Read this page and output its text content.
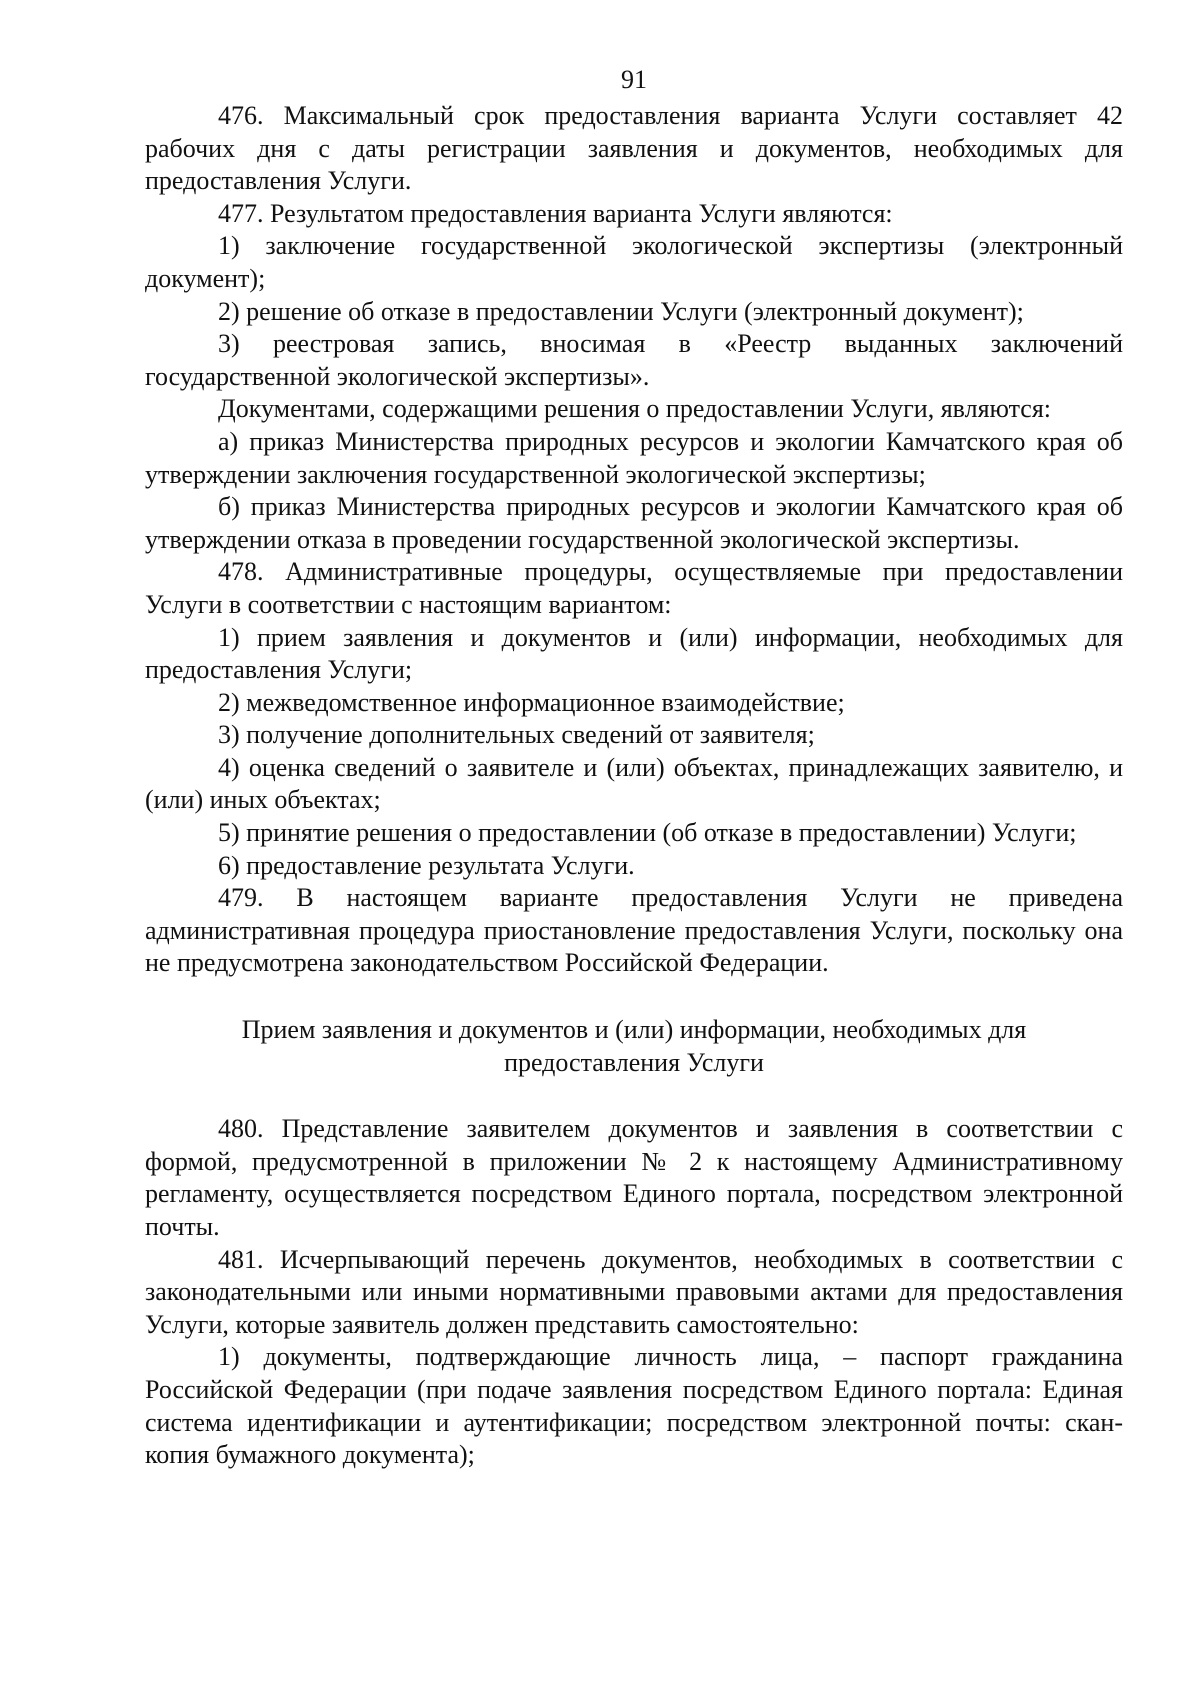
91

476. Максимальный срок предоставления варианта Услуги составляет 42 рабочих дня с даты регистрации заявления и документов, необходимых для предоставления Услуги.

477. Результатом предоставления варианта Услуги являются:

1) заключение государственной экологической экспертизы (электронный документ);

2) решение об отказе в предоставлении Услуги (электронный документ);

3) реестровая запись, вносимая в «Реестр выданных заключений государственной экологической экспертизы».

Документами, содержащими решения о предоставлении Услуги, являются:

а) приказ Министерства природных ресурсов и экологии Камчатского края об утверждении заключения государственной экологической экспертизы;

б) приказ Министерства природных ресурсов и экологии Камчатского края об утверждении отказа в проведении государственной экологической экспертизы.

478. Административные процедуры, осуществляемые при предоставлении Услуги в соответствии с настоящим вариантом:

1) прием заявления и документов и (или) информации, необходимых для предоставления Услуги;

2) межведомственное информационное взаимодействие;

3) получение дополнительных сведений от заявителя;

4) оценка сведений о заявителе и (или) объектах, принадлежащих заявителю, и (или) иных объектах;

5) принятие решения о предоставлении (об отказе в предоставлении) Услуги;

6) предоставление результата Услуги.

479. В настоящем варианте предоставления Услуги не приведена административная процедура приостановление предоставления Услуги, поскольку она не предусмотрена законодательством Российской Федерации.

Прием заявления и документов и (или) информации, необходимых для предоставления Услуги

480. Представление заявителем документов и заявления в соответствии с формой, предусмотренной в приложении № 2 к настоящему Административному регламенту, осуществляется посредством Единого портала, посредством электронной почты.

481. Исчерпывающий перечень документов, необходимых в соответствии с законодательными или иными нормативными правовыми актами для предоставления Услуги, которые заявитель должен представить самостоятельно:

1) документы, подтверждающие личность лица, – паспорт гражданина Российской Федерации (при подаче заявления посредством Единого портала: Единая система идентификации и аутентификации; посредством электронной почты: скан-копия бумажного документа);
